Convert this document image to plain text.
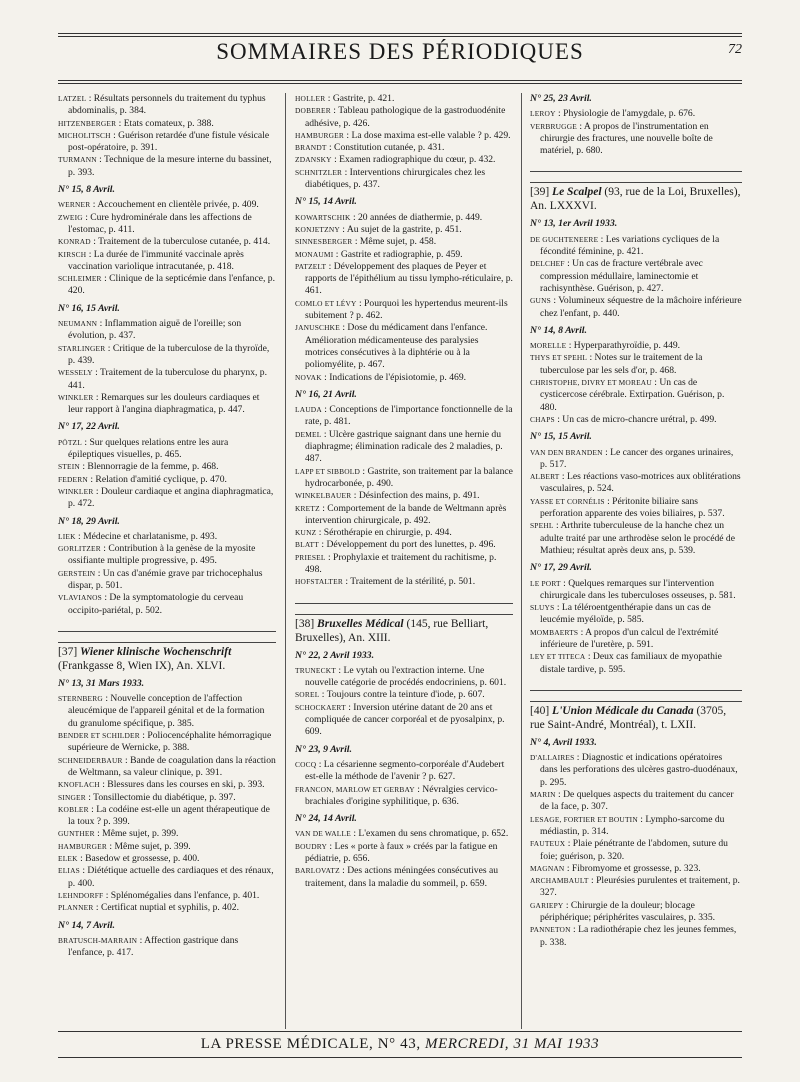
SOMMAIRES DES PÉRIODIQUES	72

LATZEL : Résultats personnels du traitement du typhus abdominalis, p. 384.

HITZENBERGER : Etats comateux, p. 388.

MICHOLITSCH : Guérison retardée d'une fistule vésicale post-opératoire, p. 391.

TURMANN : Technique de la mesure interne du bassinet, p. 393.

N° 15, 8 Avril.

WERNER : Accouchement en clientèle privée, p. 409.

ZWEIG : Cure hydrominérale dans les affections de l'estomac, p. 411.

KONRAD : Traitement de la tuberculose cutanée, p. 414.

KIRSCH : La durée de l'immunité vaccinale après vaccination variolique intracutanée, p. 418.

SCHLEIMER : Clinique de la septicémie dans l'enfance, p. 420.

N° 16, 15 Avril.

NEUMANN : Inflammation aiguë de l'oreille; son évolution, p. 437.

STARLINGER : Critique de la tuberculose de la thyroïde, p. 439.

WESSELY : Traitement de la tuberculose du pharynx, p. 441.

WINKLER : Remarques sur les douleurs cardiaques et leur rapport à l'angina diaphragmatica, p. 447.

N° 17, 22 Avril.

PÖTZL : Sur quelques relations entre les aura épileptiques visuelles, p. 465.

STEIN : Blennorragie de la femme, p. 468.

FEDERN : Relation d'amitié cyclique, p. 470.

WINKLER : Douleur cardiaque et angina diaphragmatica, p. 472.

N° 18, 29 Avril.

LIEK : Médecine et charlatanisme, p. 493.

GORLITZER : Contribution à la genèse de la myosite ossifiante multiple progressive, p. 495.

GERSTEIN : Un cas d'anémie grave par trichocephalus dispar, p. 501.

VLAVIANOS : De la symptomatologie du cerveau occipito-pariétal, p. 502.

[37] Wiener klinische Wochenschrift (Frankgasse 8, Wien IX), An. XLVI.
N° 13, 31 Mars 1933.

STERNBERG : Nouvelle conception de l'affection aleucémique de l'appareil génital et de la formation du granulome spécifique, p. 385.

BENDER ET SCHILDER : Poliocencéphalite hémorragique supérieure de Wernicke, p. 388.

SCHNEIDERBAUR : Bande de coagulation dans la réaction de Weltmann, sa valeur clinique, p. 391.

KNOFLACH : Blessures dans les courses en ski, p. 393.

SINGER : Tonsillectomie du diabétique, p. 397.

KOBLER : La codéine est-elle un agent thérapeutique de la toux ? p. 399.

GUNTHER : Même sujet, p. 399.

HAMBURGER : Même sujet, p. 399.

ELEK : Basedow et grossesse, p. 400.

ELIAS : Diététique actuelle des cardiaques et des rénaux, p. 400.

LEHNDORFF : Splénomégalies dans l'enfance, p. 401.

PLANNER : Certificat nuptial et syphilis, p. 402.

N° 14, 7 Avril.

BRATUSCH-MARRAIN : Affection gastrique dans l'enfance, p. 417.

HOLLER : Gastrite, p. 421.

DOBERER : Tableau pathologique de la gastroduodénite adhésive, p. 426.

HAMBURGER : La dose maxima est-elle valable ? p. 429.

BRANDT : Constitution cutanée, p. 431.

ZDANSKY : Examen radiographique du cœur, p. 432.

SCHNITZLER : Interventions chirurgicales chez les diabétiques, p. 437.

N° 15, 14 Avril.

KOWARTSCHIK : 20 années de diathermie, p. 449.

KONJETZNY : Au sujet de la gastrite, p. 451.

SINNESBERGER : Même sujet, p. 458.

MONAUMI : Gastrite et radiographie, p. 459.

PATZELT : Développement des plaques de Peyer et rapports de l'épithélium au tissu lympho-réticulaire, p. 461.

COMLO ET LÉVY : Pourquoi les hypertendus meurent-ils subitement ? p. 462.

JANUSCHKE : Dose du médicament dans l'enfance. Amélioration médicamenteuse des paralysies motrices consécutives à la diphtérie ou à la poliomyélite, p. 467.

NOVAK : Indications de l'épisiotomie, p. 469.

N° 16, 21 Avril.

LAUDA : Conceptions de l'importance fonctionnelle de la rate, p. 481.

DEMEL : Ulcère gastrique saignant dans une hernie du diaphragme; élimination radicale des 2 maladies, p. 487.

LAPP ET SIBBOLD : Gastrite, son traitement par la balance hydrocarbonée, p. 490.

WINKELBAUER : Désinfection des mains, p. 491.

KRETZ : Comportement de la bande de Weltmann après intervention chirurgicale, p. 492.

KUNZ : Sérothérapie en chirurgie, p. 494.

BLATT : Développement du port des lunettes, p. 496.

PRIESEL : Prophylaxie et traitement du rachitisme, p. 498.

HOFSTALTER : Traitement de la stérilité, p. 501.

[38] Bruxelles Médical (145, rue Belliart, Bruxelles), An. XIII.
N° 22, 2 Avril 1933.

TRUNECKT : Le vytah ou l'extraction interne. Une nouvelle catégorie de procédés endocriniens, p. 601.

SOREL : Toujours contre la teinture d'iode, p. 607.

SCHOCKAERT : Inversion utérine datant de 20 ans et compliquée de cancer corporéal et de pyosalpinx, p. 609.

N° 23, 9 Avril.

COCQ : La césarienne segmento-corporéale d'Audebert est-elle la méthode de l'avenir ? p. 627.

FRANCON, MARLOW ET GERBAY : Névralgies cervico-brachiales d'origine syphilitique, p. 636.

N° 24, 14 Avril.

VAN DE WALLE : L'examen du sens chromatique, p. 652.

BOUDRY : Les « porte à faux » créés par la fatigue en pédiatrie, p. 656.

BARLOVATZ : Des actions méningées consécutives au traitement, dans la maladie du sommeil, p. 659.

N° 25, 23 Avril.

LEROY : Physiologie de l'amygdale, p. 676.

VERBRUGGE : A propos de l'instrumentation en chirurgie des fractures, une nouvelle boîte de matériel, p. 680.

[39] Le Scalpel (93, rue de la Loi, Bruxelles), An. LXXXVI.
N° 13, 1er Avril 1933.

DE GUCHTENEERE : Les variations cycliques de la fécondité féminine, p. 421.

DELCHEF : Un cas de fracture vertébrale avec compression médullaire, laminectomie et rachisynthèse. Guérison, p. 427.

GUNS : Volumineux séquestre de la mâchoire inférieure chez l'enfant, p. 440.

N° 14, 8 Avril.

MORELLE : Hyperparathyroïdie, p. 449.

THYS ET SPEHL : Notes sur le traitement de la tuberculose par les sels d'or, p. 468.

CHRISTOPHE, DIVRY ET MOREAU : Un cas de cysticercose cérébrale. Extirpation. Guérison, p. 480.

CHAPS : Un cas de micro-chancre urétral, p. 499.

N° 15, 15 Avril.

VAN DEN BRANDEN : Le cancer des organes urinaires, p. 517.

ALBERT : Les réactions vaso-motrices aux oblitérations vasculaires, p. 524.

YASSE ET CORNÉLIS : Péritonite biliaire sans perforation apparente des voies biliaires, p. 537.

SPEHL : Arthrite tuberculeuse de la hanche chez un adulte traité par une arthrodèse selon le procédé de Mathieu; résultat après deux ans, p. 539.

N° 17, 29 Avril.

LE PORT : Quelques remarques sur l'intervention chirurgicale dans les tuberculoses osseuses, p. 581.

SLUYS : La téléroentgenthérapie dans un cas de leucémie myéloïde, p. 585.

MOMBAERTS : A propos d'un calcul de l'extrémité inférieure de l'uretère, p. 591.

LEY ET TITECA : Deux cas familiaux de myopathie distale tardive, p. 595.

[40] L'Union Médicale du Canada (3705, rue Saint-André, Montréal), t. LXII.
N° 4, Avril 1933.

D'ALLAIRES : Diagnostic et indications opératoires dans les perforations des ulcères gastro-duodénaux, p. 295.

MARIN : De quelques aspects du traitement du cancer de la face, p. 307.

LESAGE, FORTIER ET BOUTIN : Lympho-sarcome du médiastin, p. 314.

FAUTEUX : Plaie pénétrante de l'abdomen, suture du foie; guérison, p. 320.

MAGNAN : Fibromyome et grossesse, p. 323.

ARCHAMBAULT : Pleurésies purulentes et traitement, p. 327.

GARIEPY : Chirurgie de la douleur; blocage périphérique; périphérites vasculaires, p. 335.

PANNETON : La radiothérapie chez les jeunes femmes, p. 338.

LA PRESSE MÉDICALE, N° 43, MERCREDI, 31 MAI 1933
